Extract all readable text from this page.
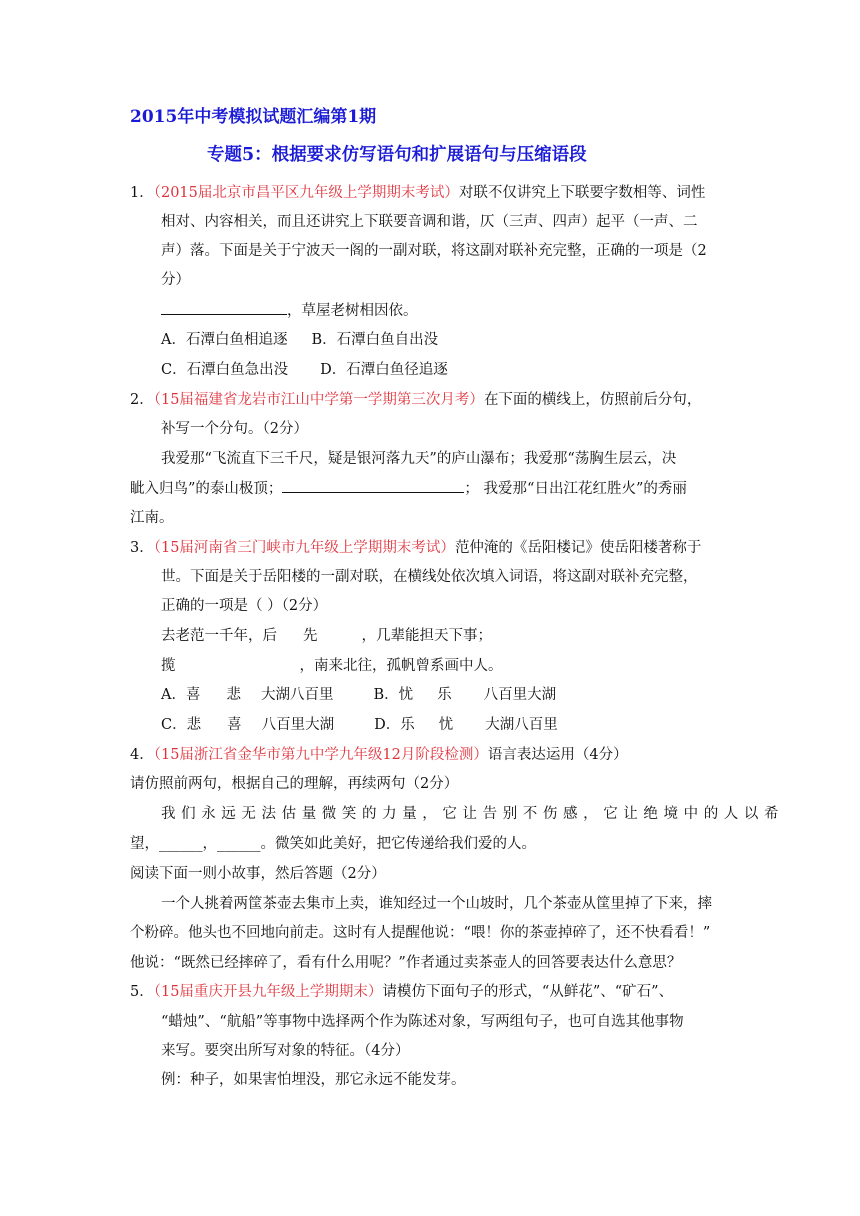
2015年中考模拟试题汇编第1期
专题5：根据要求仿写语句和扩展语句与压缩语段
1．（2015届北京市昌平区九年级上学期期末考试）对联不仅讲究上下联要字数相等、词性
相对、内容相关，而且还讲究上下联要音调和谐，仄（三声、四声）起平（一声、二
声）落。下面是关于宁波天一阁的一副对联，将这副对联补充完整，正确的一项是（2
分）
，草屋老树相因依。
A．石潭白鱼相追逐 B．石潭白鱼自出没
C．石潭白鱼急出没 D．石潭白鱼径追逐
2．（15届福建省龙岩市江山中学第一学期第三次月考）在下面的横线上，仿照前后分句，
补写一个分句。（2分）
我爱那“飞流直下三千尺，疑是银河落九天”的庐山瀑布；我爱那“荡胸生层云，决
眦入归鸟”的泰山极顶；	； 我爱那“日出江花红胜火”的秀丽
江南。
3．（15届河南省三门峡市九年级上学期期末考试）范仲淹的《岳阳楼记》使岳阳楼著称于
世。下面是关于岳阳楼的一副对联，在横线处依次填入词语，将这副对联补充完整，
正确的一项是（ ）（2分）
去老范一千年，后 先	，几辈能担天下事；
揽	，南来北往，孤帆曾系画中人。
A．喜 悲 大湖八百里	B．忧 乐 八百里大湖
C．悲 喜 八百里大湖	D．乐 忧 大湖八百里
4．（15届浙江省金华市第九中学九年级12月阶段检测）语言表达运用（4分）
请仿照前两句，根据自己的理解，再续两句（2分）
我们永远无法估量微笑的力量，它让告别不伤感，它让绝境中的人以希
望，______，______。微笑如此美好，把它传递给我们爱的人。
阅读下面一则小故事，然后答题（2分）
一个人挑着两筐茶壶去集市上卖，谁知经过一个山坡时，几个茶壶从筐里掉了下来，摔
个粉碎。他头也不回地向前走。这时有人提醒他说：“喂！你的茶壶掉碎了，还不快看看！”
他说：“既然已经摔碎了，看有什么用呢？”作者通过卖茶壶人的回答要表达什么意思？
5．（15届重庆开县九年级上学期期末）请模仿下面句子的形式，“从鲜花”、“矿石”、
“蜡烛”、“航船”等事物中选择两个作为陈述对象，写两组句子，也可自选其他事物
来写。要突出所写对象的特征。（4分）
例：种子，如果害怕埋没，那它永远不能发芽。
